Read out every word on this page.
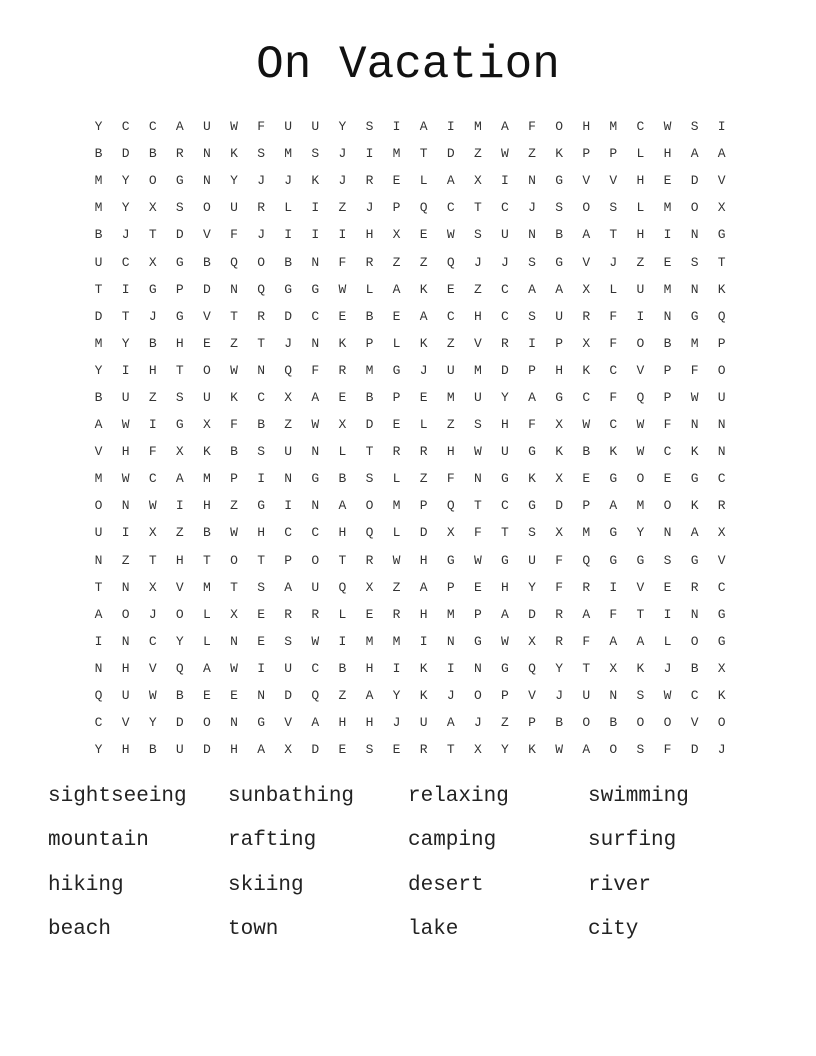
On Vacation
Y	C	C	A	U	W	F	U	U	Y	S	I	A	I	M	A	F	O	H	M	C	W	S	I
B	D	B	R	N	K	S	M	S	J	I	M	T	D	Z	W	Z	K	P	P	L	H	A	A
M	Y	O	G	N	Y	J	J	K	J	R	E	L	A	X	I	N	G	V	V	H	E	D	V
M	Y	X	S	O	U	R	L	I	Z	J	P	Q	C	T	C	J	S	O	S	L	M	O	X
B	J	T	D	V	F	J	I	I	I	H	X	E	W	S	U	N	B	A	T	H	I	N	G
U	C	X	G	B	Q	O	B	N	F	R	Z	Z	Q	J	J	S	G	V	J	Z	E	S	T
T	I	G	P	D	N	Q	G	G	W	L	A	K	E	Z	C	A	A	X	L	U	M	N	K
D	T	J	G	V	T	R	D	C	E	B	E	A	C	H	C	S	U	R	F	I	N	G	Q
M	Y	B	H	E	Z	T	J	N	K	P	L	K	Z	V	R	I	P	X	F	O	B	M	P
Y	I	H	T	O	W	N	Q	F	R	M	G	J	U	M	D	P	H	K	C	V	P	F	O
B	U	Z	S	U	K	C	X	A	E	B	P	E	M	U	Y	A	G	C	F	Q	P	W	U
A	W	I	G	X	F	B	Z	W	X	D	E	L	Z	S	H	F	X	W	C	W	F	N	N
V	H	F	X	K	B	S	U	N	L	T	R	R	H	W	U	G	K	B	K	W	C	K	N
M	W	C	A	M	P	I	N	G	B	S	L	Z	F	N	G	K	X	E	G	O	E	G	C
O	N	W	I	H	Z	G	I	N	A	O	M	P	Q	T	C	G	D	P	A	M	O	K	R
U	I	X	Z	B	W	H	C	C	H	Q	L	D	X	F	T	S	X	M	G	Y	N	A	X
N	Z	T	H	T	O	T	P	O	T	R	W	H	G	W	G	U	F	Q	G	G	S	G	V
T	N	X	V	M	T	S	A	U	Q	X	Z	A	P	E	H	Y	F	R	I	V	E	R	C
A	O	J	O	L	X	E	R	R	L	E	R	H	M	P	A	D	R	A	F	T	I	N	G
I	N	C	Y	L	N	E	S	W	I	M	M	I	N	G	W	X	R	F	A	A	L	O	G
N	H	V	Q	A	W	I	U	C	B	H	I	K	I	N	G	Q	Y	T	X	K	J	B	X
Q	U	W	B	E	E	N	D	Q	Z	A	Y	K	J	O	P	V	J	U	N	S	W	C	K
C	V	Y	D	O	N	G	V	A	H	H	J	U	A	J	Z	P	B	O	B	O	O	V	O
Y	H	B	U	D	H	A	X	D	E	S	E	R	T	X	Y	K	W	A	O	S	F	D	J
sightseeing	sunbathing	relaxing	swimming
mountain	rafting	camping	surfing
hiking	skiing	desert	river
beach	town	lake	city
